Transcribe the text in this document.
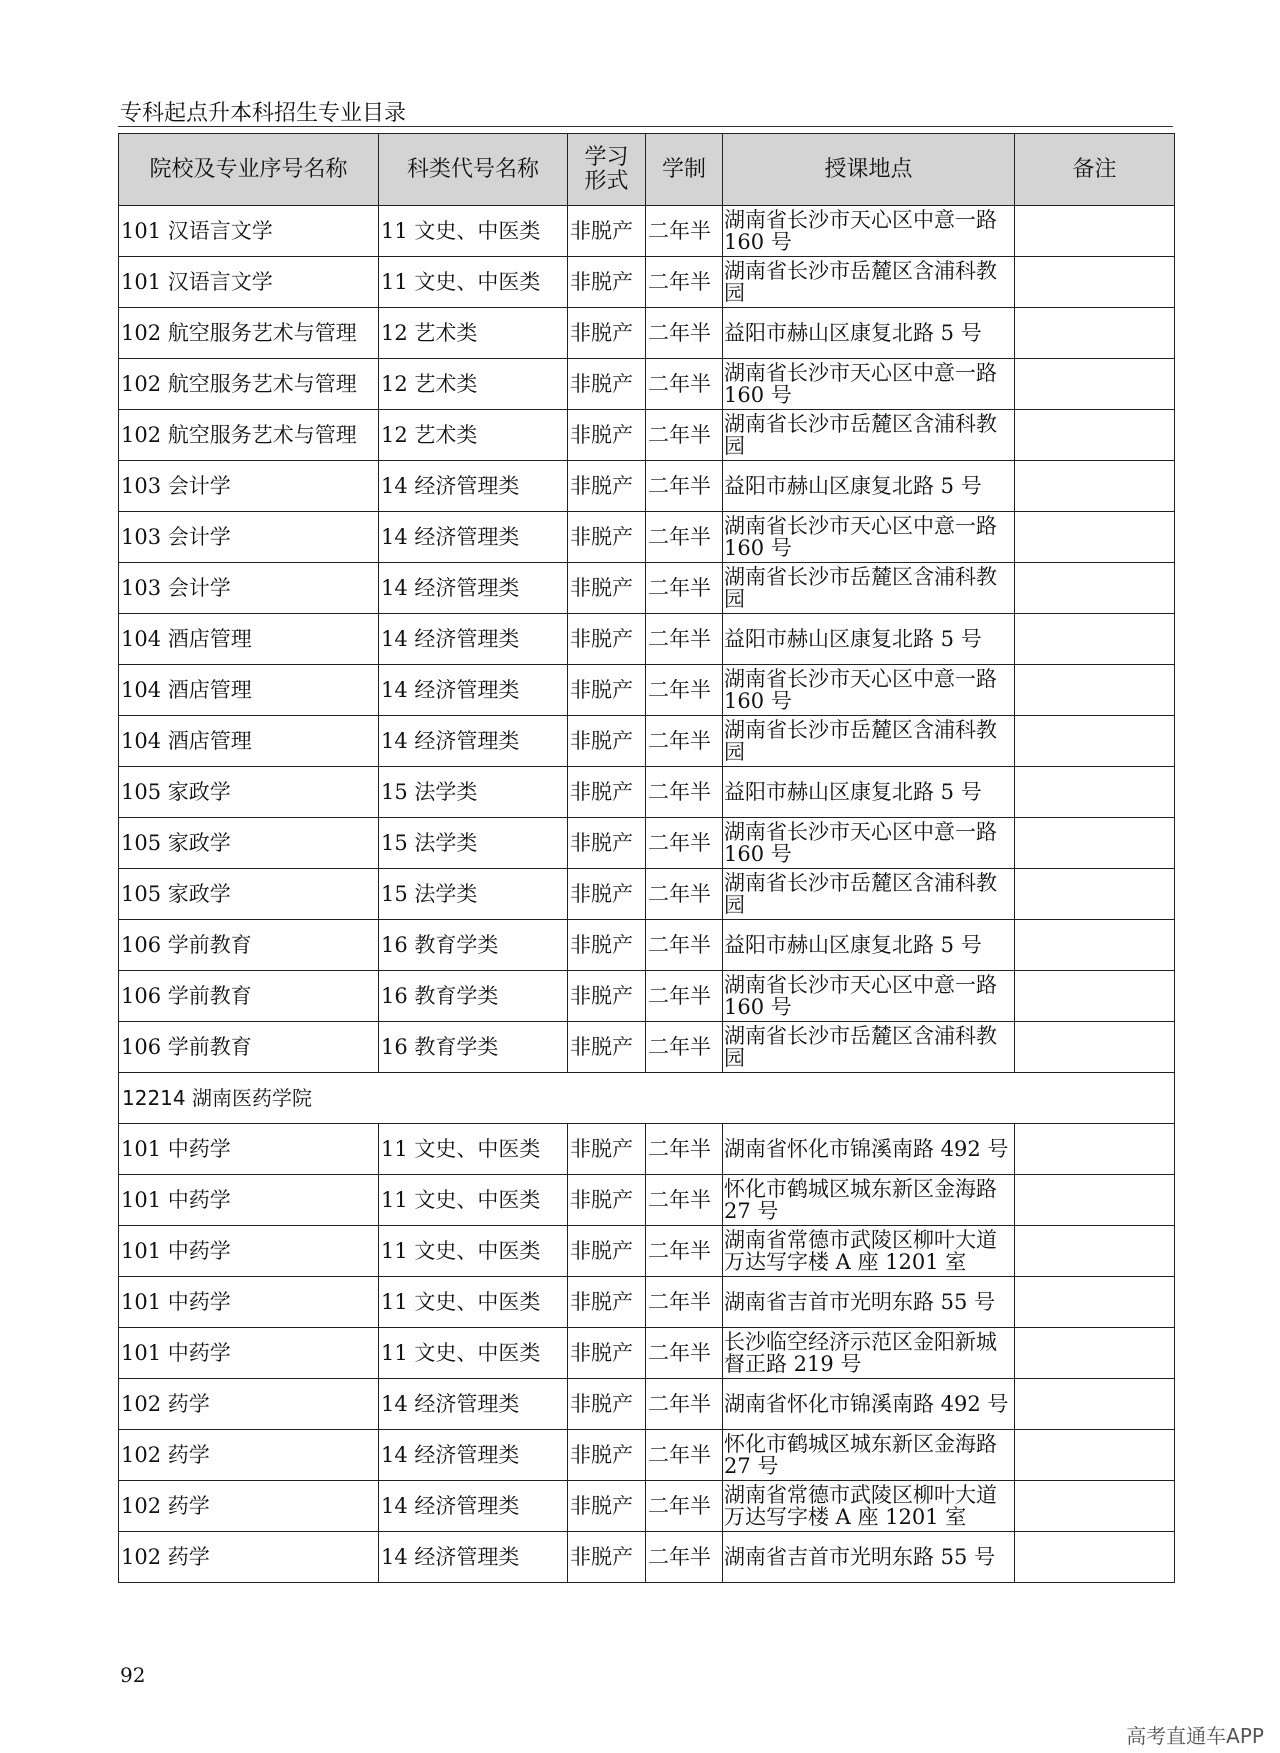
专科起点升本科招生专业目录
院校及专业序号名称	科类代号名称	学习
形式	学制	授课地点	备注
101 汉语言文学	11 文史、中医类	非脱产	二年半	湖南省长沙市天心区中意一路 160 号	
101 汉语言文学	11 文史、中医类	非脱产	二年半	湖南省长沙市岳麓区含浦科教园	
102 航空服务艺术与管理	12 艺术类	非脱产	二年半	益阳市赫山区康复北路 5 号	
102 航空服务艺术与管理	12 艺术类	非脱产	二年半	湖南省长沙市天心区中意一路 160 号	
102 航空服务艺术与管理	12 艺术类	非脱产	二年半	湖南省长沙市岳麓区含浦科教园	
103 会计学	14 经济管理类	非脱产	二年半	益阳市赫山区康复北路 5 号	
103 会计学	14 经济管理类	非脱产	二年半	湖南省长沙市天心区中意一路 160 号	
103 会计学	14 经济管理类	非脱产	二年半	湖南省长沙市岳麓区含浦科教园	
104 酒店管理	14 经济管理类	非脱产	二年半	益阳市赫山区康复北路 5 号	
104 酒店管理	14 经济管理类	非脱产	二年半	湖南省长沙市天心区中意一路 160 号	
104 酒店管理	14 经济管理类	非脱产	二年半	湖南省长沙市岳麓区含浦科教园	
105 家政学	15 法学类	非脱产	二年半	益阳市赫山区康复北路 5 号	
105 家政学	15 法学类	非脱产	二年半	湖南省长沙市天心区中意一路 160 号	
105 家政学	15 法学类	非脱产	二年半	湖南省长沙市岳麓区含浦科教园	
106 学前教育	16 教育学类	非脱产	二年半	益阳市赫山区康复北路 5 号	
106 学前教育	16 教育学类	非脱产	二年半	湖南省长沙市天心区中意一路 160 号	
106 学前教育	16 教育学类	非脱产	二年半	湖南省长沙市岳麓区含浦科教园	
12214 湖南医药学院					
101 中药学	11 文史、中医类	非脱产	二年半	湖南省怀化市锦溪南路 492 号	
101 中药学	11 文史、中医类	非脱产	二年半	怀化市鹤城区城东新区金海路 27 号	
101 中药学	11 文史、中医类	非脱产	二年半	湖南省常德市武陵区柳叶大道万达写字楼 A 座 1201 室	
101 中药学	11 文史、中医类	非脱产	二年半	湖南省吉首市光明东路 55 号	
101 中药学	11 文史、中医类	非脱产	二年半	长沙临空经济示范区金阳新城督正路 219 号	
102 药学	14 经济管理类	非脱产	二年半	湖南省怀化市锦溪南路 492 号	
102 药学	14 经济管理类	非脱产	二年半	怀化市鹤城区城东新区金海路 27 号	
102 药学	14 经济管理类	非脱产	二年半	湖南省常德市武陵区柳叶大道万达写字楼 A 座 1201 室	
102 药学	14 经济管理类	非脱产	二年半	湖南省吉首市光明东路 55 号	
92
高考直通车APP
